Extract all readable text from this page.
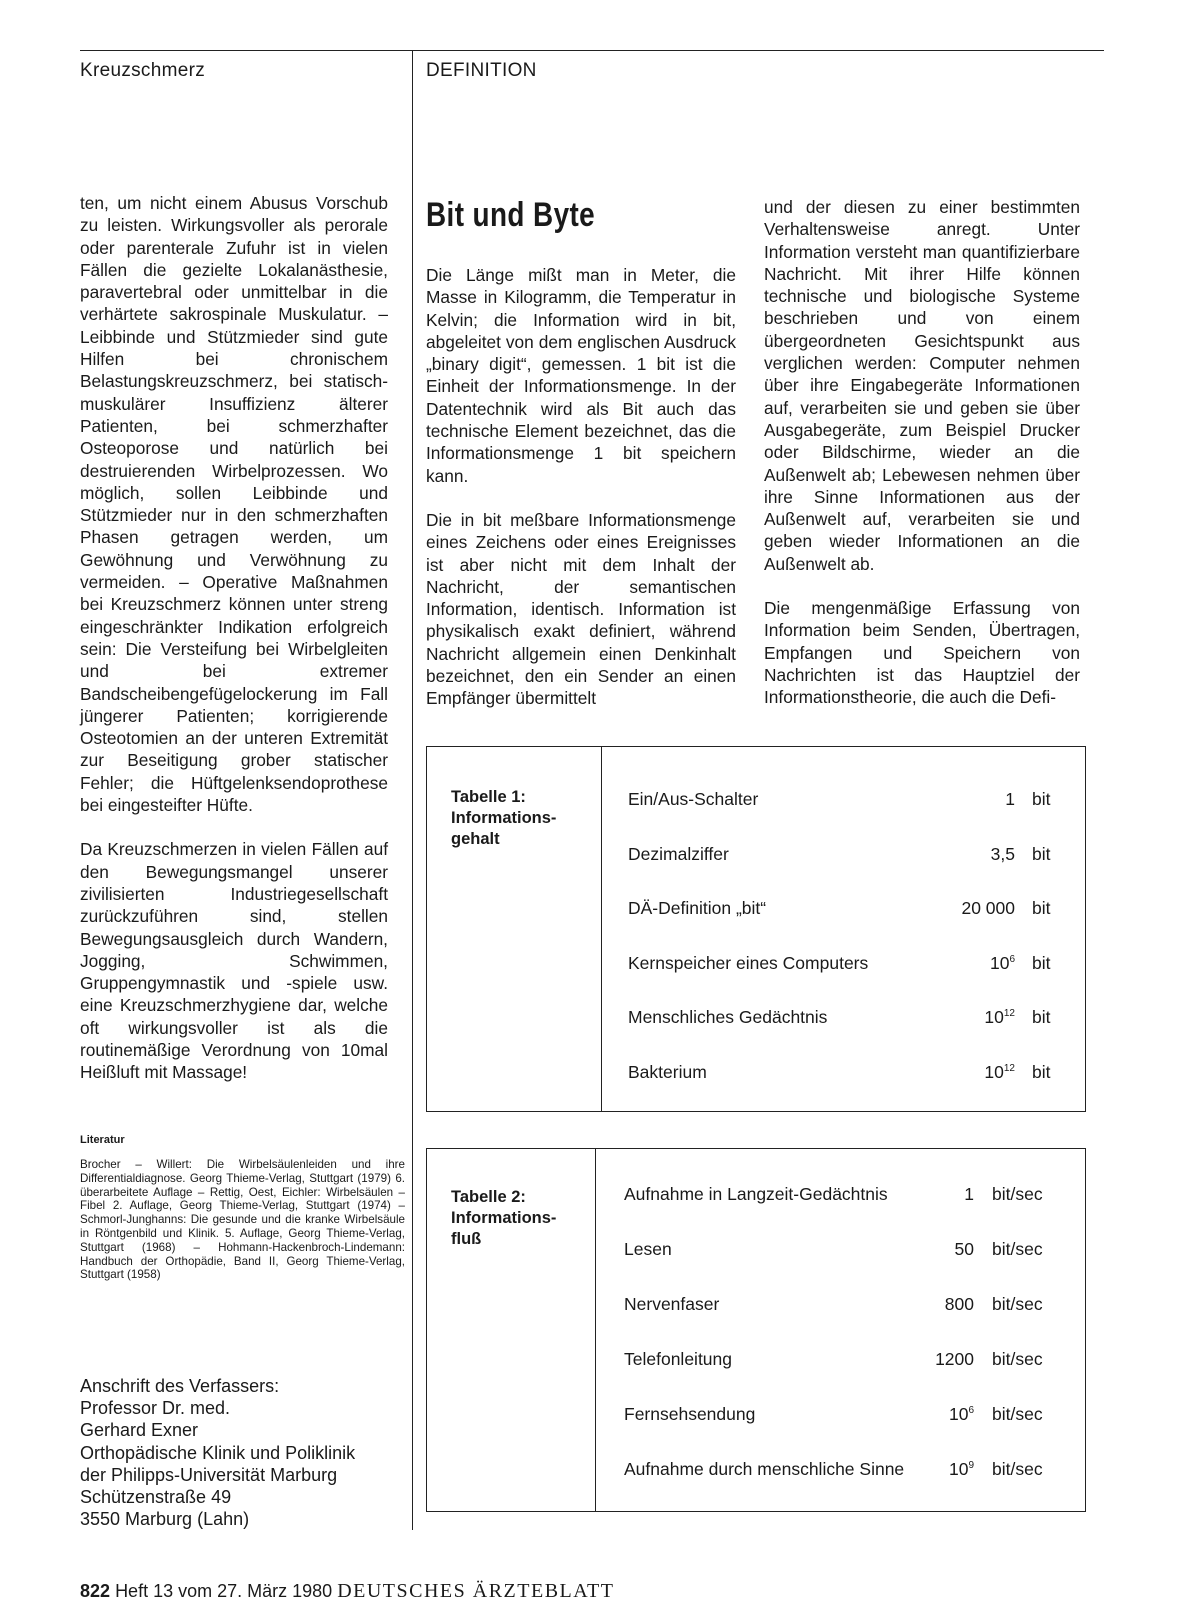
Kreuzschmerz	DEFINITION

ten, um nicht einem Abusus Vorschub zu leisten. Wirkungsvoller als perorale oder parenterale Zufuhr ist in vielen Fällen die gezielte Lokalanästhesie, paravertebral oder unmittelbar in die verhärtete sakrospinale Muskulatur. – Leibbinde und Stützmieder sind gute Hilfen bei chronischem Belastungskreuzschmerz, bei statisch-muskulärer Insuffizienz älterer Patienten, bei schmerzhafter Osteoporose und natürlich bei destruierenden Wirbelprozessen. Wo möglich, sollen Leibbinde und Stützmieder nur in den schmerzhaften Phasen getragen werden, um Gewöhnung und Verwöhnung zu vermeiden. – Operative Maßnahmen bei Kreuzschmerz können unter streng eingeschränkter Indikation erfolgreich sein: Die Versteifung bei Wirbelgleiten und bei extremer Bandscheibengefügelockerung im Fall jüngerer Patienten; korrigierende Osteotomien an der unteren Extremität zur Beseitigung grober statischer Fehler; die Hüftgelenksendoprothese bei eingesteifter Hüfte.

Da Kreuzschmerzen in vielen Fällen auf den Bewegungsmangel unserer zivilisierten Industriegesellschaft zurückzuführen sind, stellen Bewegungsausgleich durch Wandern, Jogging, Schwimmen, Gruppengymnastik und -spiele usw. eine Kreuzschmerzhygiene dar, welche oft wirkungsvoller ist als die routinemäßige Verordnung von 10mal Heißluft mit Massage!

Literatur
Brocher – Willert: Die Wirbelsäulenleiden und ihre Differentialdiagnose. Georg Thieme-Verlag, Stuttgart (1979) 6. überarbeitete Auflage – Rettig, Oest, Eichler: Wirbelsäulen – Fibel 2. Auflage, Georg Thieme-Verlag, Stuttgart (1974) – Schmorl-Junghanns: Die gesunde und die kranke Wirbelsäule in Röntgenbild und Klinik. 5. Auflage, Georg Thieme-Verlag, Stuttgart (1968) – Hohmann-Hackenbroch-Lindemann: Handbuch der Orthopädie, Band II, Georg Thieme-Verlag, Stuttgart (1958)
Anschrift des Verfassers:
Professor Dr. med.
Gerhard Exner
Orthopädische Klinik und Poliklinik
der Philipps-Universität Marburg
Schützenstraße 49
3550 Marburg (Lahn)
Bit und Byte

Die Länge mißt man in Meter, die Masse in Kilogramm, die Temperatur in Kelvin; die Information wird in bit, abgeleitet von dem englischen Ausdruck „binary digit“, gemessen. 1 bit ist die Einheit der Informationsmenge. In der Datentechnik wird als Bit auch das technische Element bezeichnet, das die Informationsmenge 1 bit speichern kann.

Die in bit meßbare Informationsmenge eines Zeichens oder eines Ereignisses ist aber nicht mit dem Inhalt der Nachricht, der semantischen Information, identisch. Information ist physikalisch exakt definiert, während Nachricht allgemein einen Denkinhalt bezeichnet, den ein Sender an einen Empfänger übermittelt

und der diesen zu einer bestimmten Verhaltensweise anregt. Unter Information versteht man quantifizierbare Nachricht. Mit ihrer Hilfe können technische und biologische Systeme beschrieben und von einem übergeordneten Gesichtspunkt aus verglichen werden: Computer nehmen über ihre Eingabegeräte Informationen auf, verarbeiten sie und geben sie über Ausgabegeräte, zum Beispiel Drucker oder Bildschirme, wieder an die Außenwelt ab; Lebewesen nehmen über ihre Sinne Informationen aus der Außenwelt auf, verarbeiten sie und geben wieder Informationen an die Außenwelt ab.

Die mengenmäßige Erfassung von Information beim Senden, Übertragen, Empfangen und Speichern von Nachrichten ist das Hauptziel der Informationstheorie, die auch die Defi-

Tabelle 1:
Informations-
gehalt
Ein/Aus-Schalter	1 bit
Dezimalziffer	3,5 bit
DÄ-Definition „bit“	20 000 bit
Kernspeicher eines Computers	$10^6$ bit
Menschliches Gedächtnis	$10^{12}$ bit
Bakterium	$10^{12}$ bit
Tabelle 2:
Informations-
fluß
Aufnahme in Langzeit-Gedächtnis	1 bit/sec
Lesen	50 bit/sec
Nervenfaser	800 bit/sec
Telefonleitung	1200 bit/sec
Fernsehsendung	$10^6$ bit/sec
Aufnahme durch menschliche Sinne	$10^9$ bit/sec
822 Heft 13 vom 27. März 1980 DEUTSCHES ÄRZTEBLATT
